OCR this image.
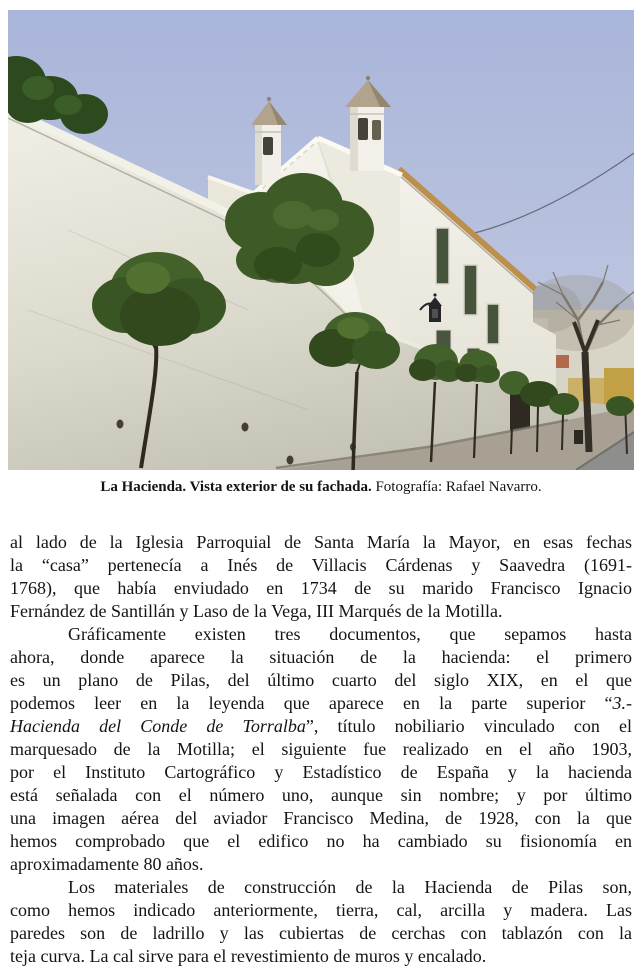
La Hacienda. Vista exterior de su fachada. Fotografía: Rafael Navarro.
al lado de la Iglesia Parroquial de Santa María la Mayor, en esas fechas
la “casa” pertenecía a Inés de Villacis Cárdenas y Saavedra (1691-
1768), que había enviudado en 1734 de su marido Francisco Ignacio
Fernández de Santillán y Laso de la Vega, III Marqués de la Motilla.
Gráficamente existen tres documentos, que sepamos hasta
ahora, donde aparece la situación de la hacienda: el primero
es un plano de Pilas, del último cuarto del siglo XIX, en el que
podemos leer en la leyenda que aparece en la parte superior “3.-
Hacienda del Conde de Torralba”, título nobiliario vinculado con el
marquesado de la Motilla; el siguiente fue realizado en el año 1903,
por el Instituto Cartográfico y Estadístico de España y la hacienda
está señalada con el número uno, aunque sin nombre; y por último
una imagen aérea del aviador Francisco Medina, de 1928, con la que
hemos comprobado que el edifico no ha cambiado su fisionomía en
aproximadamente 80 años.
Los materiales de construcción de la Hacienda de Pilas son,
como hemos indicado anteriormente, tierra, cal, arcilla y madera. Las
paredes son de ladrillo y las cubiertas de cerchas con tablazón con la
teja curva. La cal sirve para el revestimiento de muros y encalado.
